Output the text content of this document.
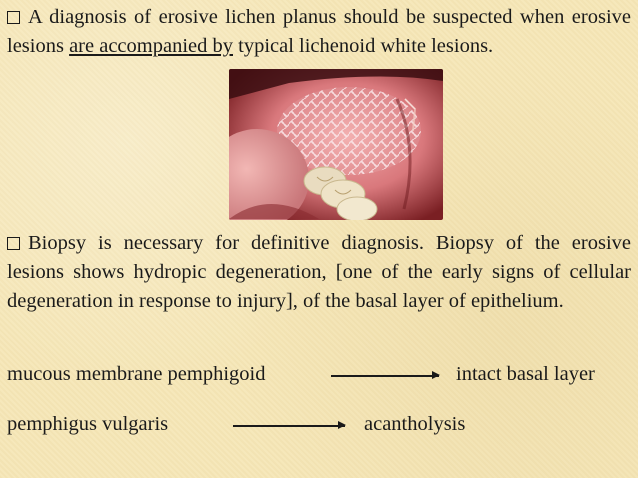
A diagnosis of erosive lichen planus should be suspected when erosive lesions are accompanied by typical lichenoid white lesions.
Biopsy is necessary for definitive diagnosis. Biopsy of the erosive lesions shows hydropic degeneration, [one of the early signs of cellular degeneration in response to injury], of the basal layer of epithelium.
mucous membrane pemphigoid	intact basal layer
pemphigus vulgaris	acantholysis
